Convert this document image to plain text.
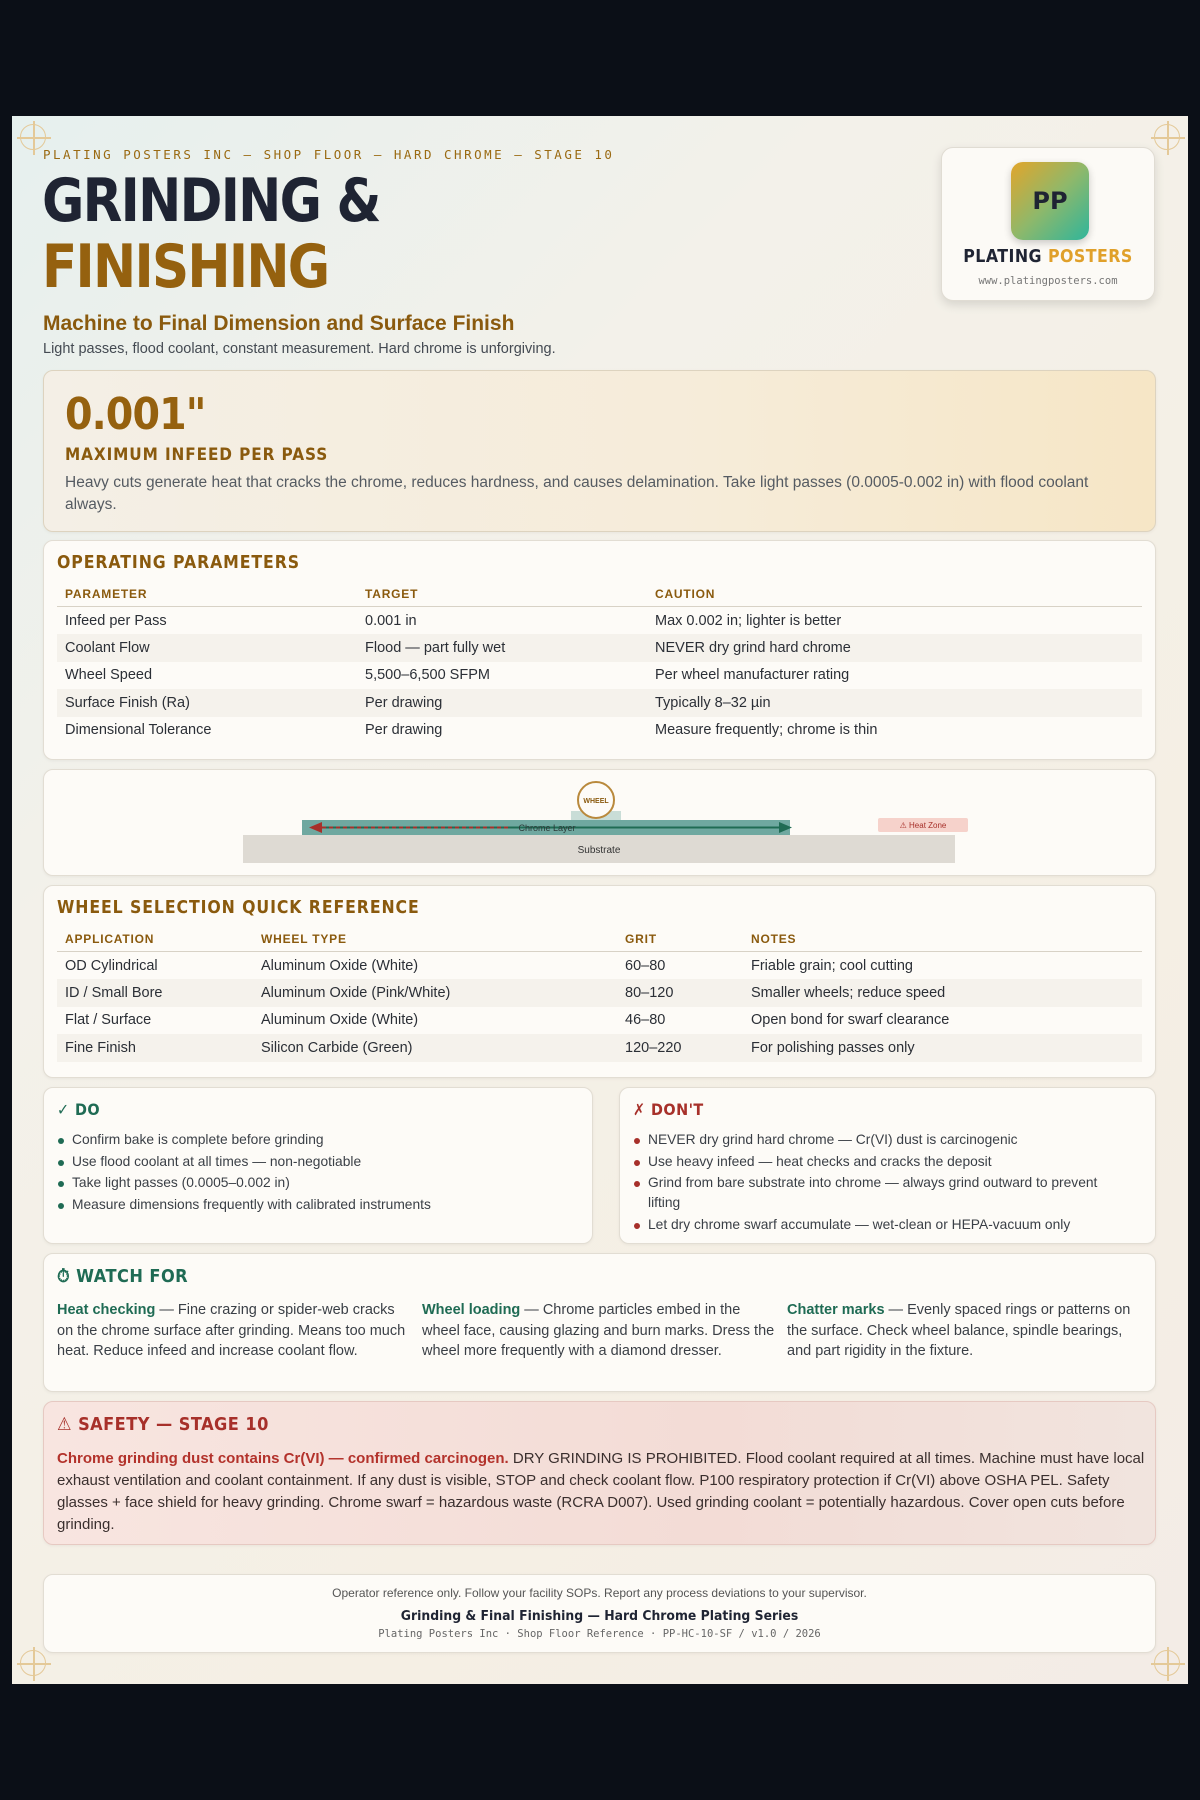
PLATING POSTERS INC — SHOP FLOOR — HARD CHROME — STAGE 10
GRINDING &
FINISHING
Machine to Final Dimension and Surface Finish
Light passes, flood coolant, constant measurement. Hard chrome is unforgiving.
PP
PLATING POSTERS
www.platingposters.com
0.001"
MAXIMUM INFEED PER PASS
Heavy cuts generate heat that cracks the chrome, reduces hardness, and causes delamination. Take light passes (0.0005-0.002 in) with flood coolant always.
OPERATING PARAMETERS
PARAMETER	TARGET	CAUTION
Infeed per Pass	0.001 in	Max 0.002 in; lighter is better
Coolant Flow	Flood — part fully wet	NEVER dry grind hard chrome
Wheel Speed	5,500–6,500 SFPM	Per wheel manufacturer rating
Surface Finish (Ra)	Per drawing	Typically 8–32 µin
Dimensional Tolerance	Per drawing	Measure frequently; chrome is thin
Substrate
Chrome Layer
WHEEL
⚠ Heat Zone
WHEEL SELECTION QUICK REFERENCE
APPLICATION	WHEEL TYPE	GRIT	NOTES
OD Cylindrical	Aluminum Oxide (White)	60–80	Friable grain; cool cutting
ID / Small Bore	Aluminum Oxide (Pink/White)	80–120	Smaller wheels; reduce speed
Flat / Surface	Aluminum Oxide (White)	46–80	Open bond for swarf clearance
Fine Finish	Silicon Carbide (Green)	120–220	For polishing passes only
✓ DO
Confirm bake is complete before grinding
Use flood coolant at all times — non-negotiable
Take light passes (0.0005–0.002 in)
Measure dimensions frequently with calibrated instruments
✗ DON'T
NEVER dry grind hard chrome — Cr(VI) dust is carcinogenic
Use heavy infeed — heat checks and cracks the deposit
Grind from bare substrate into chrome — always grind outward to prevent lifting
Let dry chrome swarf accumulate — wet-clean or HEPA-vacuum only
⏱ WATCH FOR
Heat checking — Fine crazing or spider-web cracks on the chrome surface after grinding. Means too much heat. Reduce infeed and increase coolant flow.
Wheel loading — Chrome particles embed in the wheel face, causing glazing and burn marks. Dress the wheel more frequently with a diamond dresser.
Chatter marks — Evenly spaced rings or patterns on the surface. Check wheel balance, spindle bearings, and part rigidity in the fixture.
⚠ SAFETY — STAGE 10
Chrome grinding dust contains Cr(VI) — confirmed carcinogen. DRY GRINDING IS PROHIBITED. Flood coolant required at all times. Machine must have local exhaust ventilation and coolant containment. If any dust is visible, STOP and check coolant flow. P100 respiratory protection if Cr(VI) above OSHA PEL. Safety glasses + face shield for heavy grinding. Chrome swarf = hazardous waste (RCRA D007). Used grinding coolant = potentially hazardous. Cover open cuts before grinding.
Operator reference only. Follow your facility SOPs. Report any process deviations to your supervisor.
Grinding & Final Finishing — Hard Chrome Plating Series
Plating Posters Inc · Shop Floor Reference · PP-HC-10-SF / v1.0 / 2026
